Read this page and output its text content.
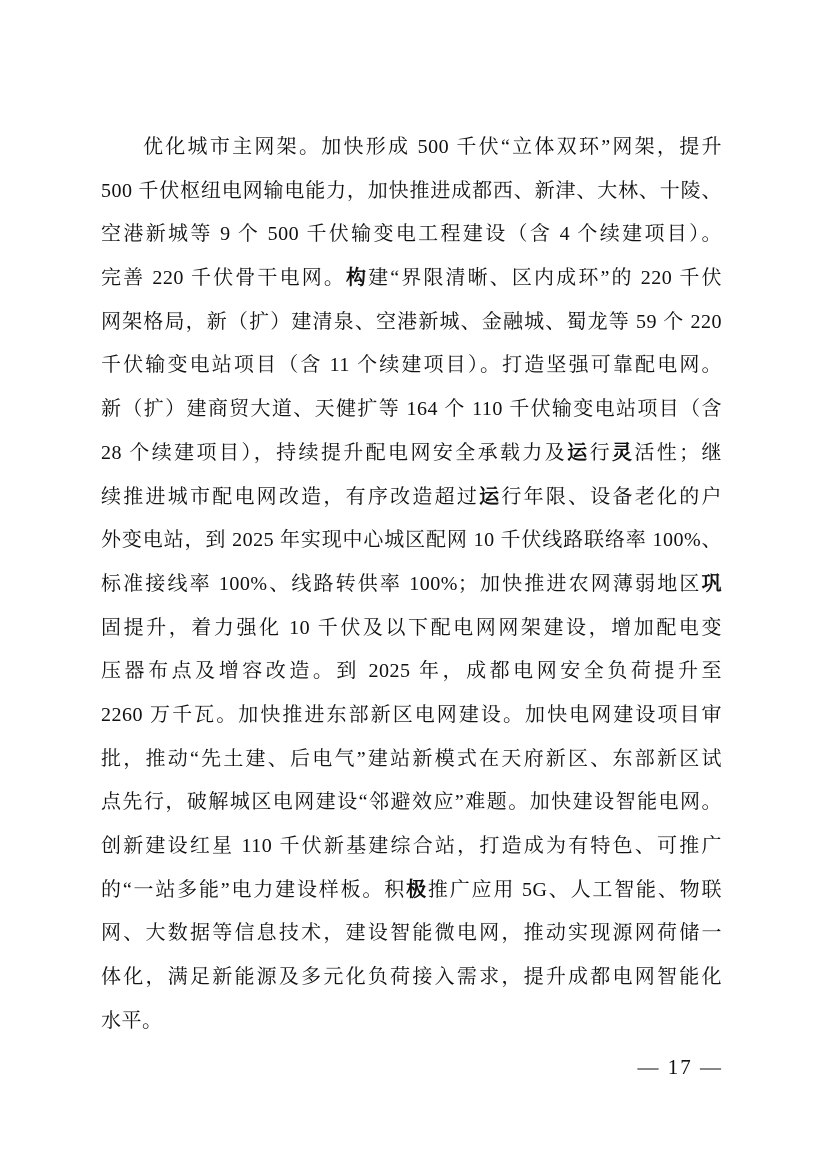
优化城市主网架。加快形成 500 千伏“立体双环”网架，提升
500 千伏枢纽电网输电能力，加快推进成都西、新津、大林、十陵、
空港新城等 9 个 500 千伏输变电工程建设（含 4 个续建项目）。
完善 220 千伏骨干电网。构建“界限清晰、区内成环”的 220 千伏
网架格局，新（扩）建清泉、空港新城、金融城、蜀龙等 59 个 220
千伏输变电站项目（含 11 个续建项目）。打造坚强可靠配电网。
新（扩）建商贸大道、天健扩等 164 个 110 千伏输变电站项目（含
28 个续建项目），持续提升配电网安全承载力及运行灵活性；继
续推进城市配电网改造，有序改造超过运行年限、设备老化的户
外变电站，到 2025 年实现中心城区配网 10 千伏线路联络率 100%、
标准接线率 100%、线路转供率 100%；加快推进农网薄弱地区巩
固提升，着力强化 10 千伏及以下配电网网架建设，增加配电变
压器布点及增容改造。到 2025 年，成都电网安全负荷提升至
2260 万千瓦。加快推进东部新区电网建设。加快电网建设项目审
批，推动“先土建、后电气”建站新模式在天府新区、东部新区试
点先行，破解城区电网建设“邻避效应”难题。加快建设智能电网。
创新建设红星 110 千伏新基建综合站，打造成为有特色、可推广
的“一站多能”电力建设样板。积极推广应用 5G、人工智能、物联
网、大数据等信息技术，建设智能微电网，推动实现源网荷储一
体化，满足新能源及多元化负荷接入需求，提升成都电网智能化
水平。
— 17 —
